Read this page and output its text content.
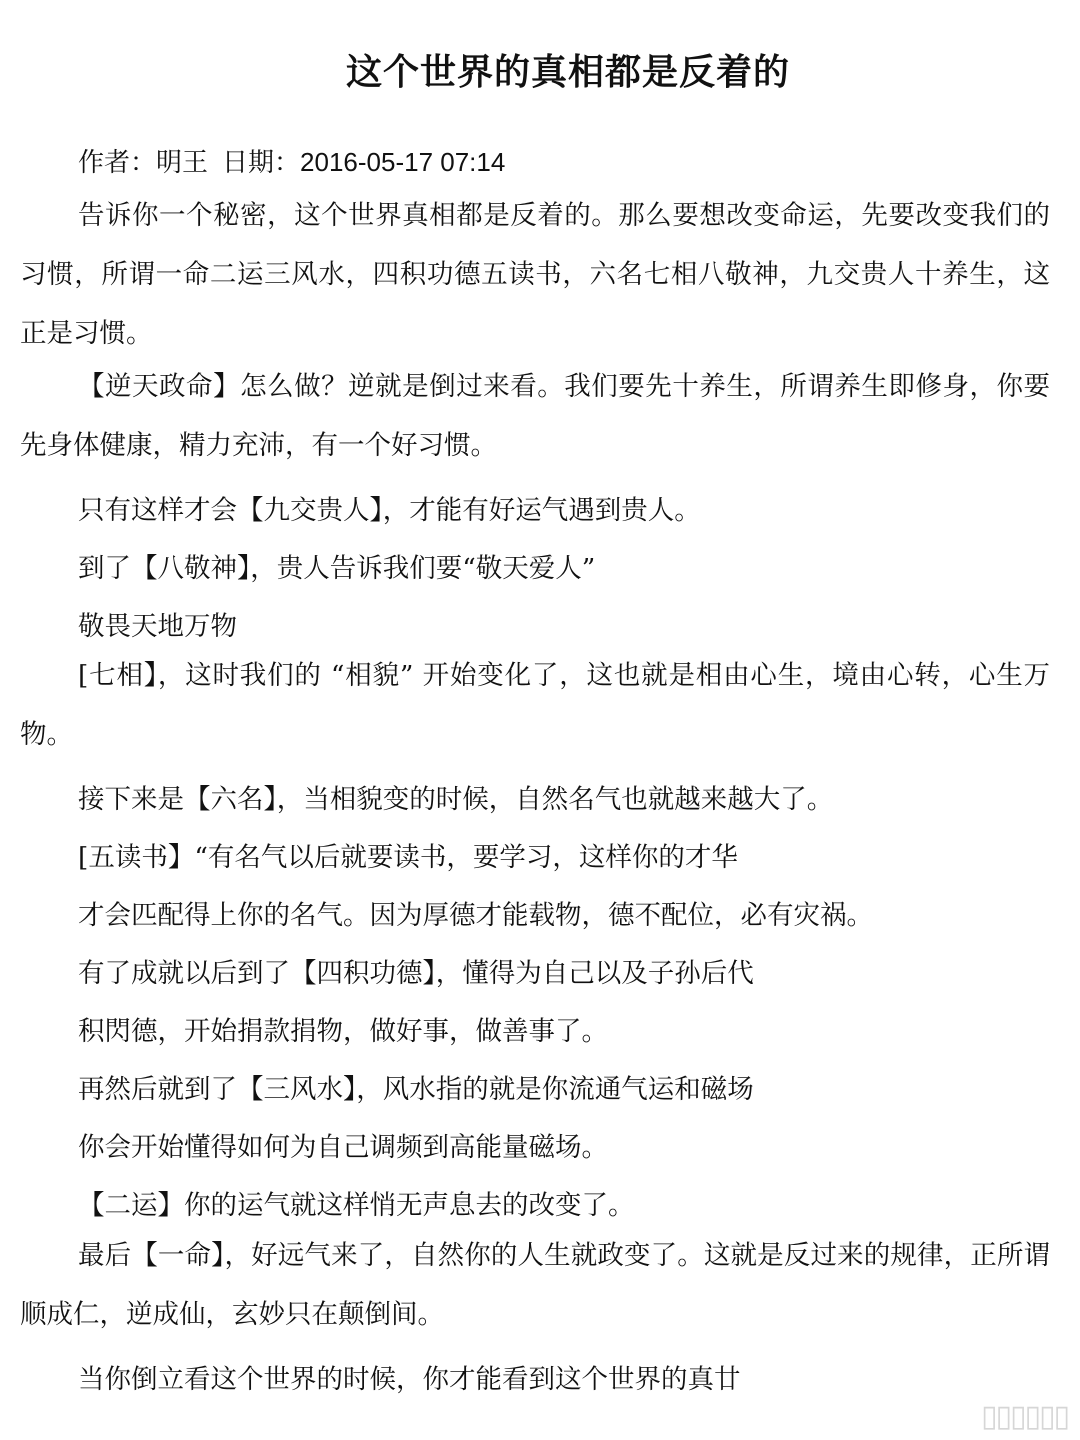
这个世界的真相都是反着的
作者：明王 日期：2016-05-17 07:14

告诉你一个秘密，这个世界真相都是反着的。那么要想改变命运，先要改变我们的习惯，所谓一命二运三风水，四积功德五读书，六名七相八敬神，九交贵人十养生，这正是习惯。

【逆天政命】怎么做？逆就是倒过来看。我们要先十养生，所谓养生即修身，你要先身体健康，精力充沛，有一个好习惯。

只有这样才会【九交贵人】，才能有好运气遇到贵人。

到了【八敬神】，贵人告诉我们要“敬天爱人”

敬畏天地万物

[七相】，这时我们的 “相貌” 开始变化了，这也就是相由心生，境由心转，心生万物。

接下来是【六名】，当相貌变的时候，自然名气也就越来越大了。

[五读书】“有名气以后就要读书，要学习，这样你的才华

才会匹配得上你的名气。因为厚德才能载物，德不配位，必有灾祸。

有了成就以后到了【四积功德】，懂得为自己以及子孙后代

积閃德，开始捐款捐物，做好事，做善事了。

再然后就到了【三风水】，风水指的就是你流通气运和磁场

你会开始懂得如何为自己调频到高能量磁场。

【二运】你的运气就这样悄无声息去的改变了。

最后【一命】，好远气来了，自然你的人生就政变了。这就是反过来的规律，正所谓顺成仁，逆成仙，玄妙只在颠倒间。

当你倒立看这个世界的时候，你才能看到这个世界的真廿

▯▯▯▯▯▯
